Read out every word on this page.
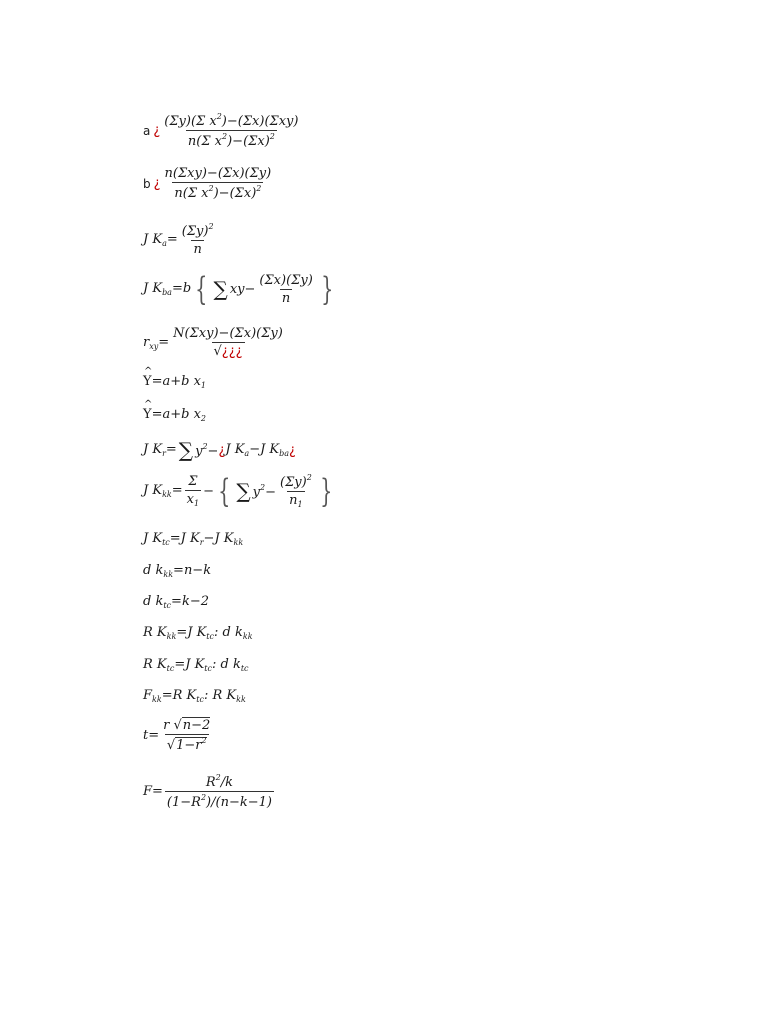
a ¿ $\frac{(\Sigma y)(\Sigma x^2)-(\Sigma x)(\Sigma xy)}{n(\Sigma x^2)-(\Sigma x)^2}$
b ¿ $\frac{\text{n(Σxy)−(Σx)(Σy)}}{n(\Sigma x^2)-(\Sigma x)^2}$
J $K_a= \frac{(\Sigma y)^2}{n}$
J $K_{ba}=b$ { ∑ $xy- \frac{(\Sigma x)(\Sigma y)}{n}$ }
$r_{xy}= \frac{\text{N(Σxy)−(Σx)(Σy)}}{√¿¿¿}$
^ Y=a+b $x_1$
^ Y=a+b $x_2$
J $K_r=$ ∑ $y^2-$ ¿ J $K_a-J$ $K_{ba}$ ¿
J $K_{kk}= \frac{\Sigma}{x_1}$ − { ∑ $y^2- \frac{(\Sigma y)^2}{n_1}$ }
J $K_{tc}=J$ $K_r-J$ $K_{kk}$
d $k_{kk}=n-k$
d $k_{tc}=k-2$
R $K_{kk}=J$ $K_{tc}$: d $k_{kk}$
R $K_{tc}=J$ $K_{tc}$: d $k_{tc}$
$F_{kk}=R$ $K_{tc}$: R $K_{kk}$
$t= \frac{r √n-2}{√1-r^2}$
$F= \frac{R^2/k}{(1-R^2)/(n-k-1)}$
